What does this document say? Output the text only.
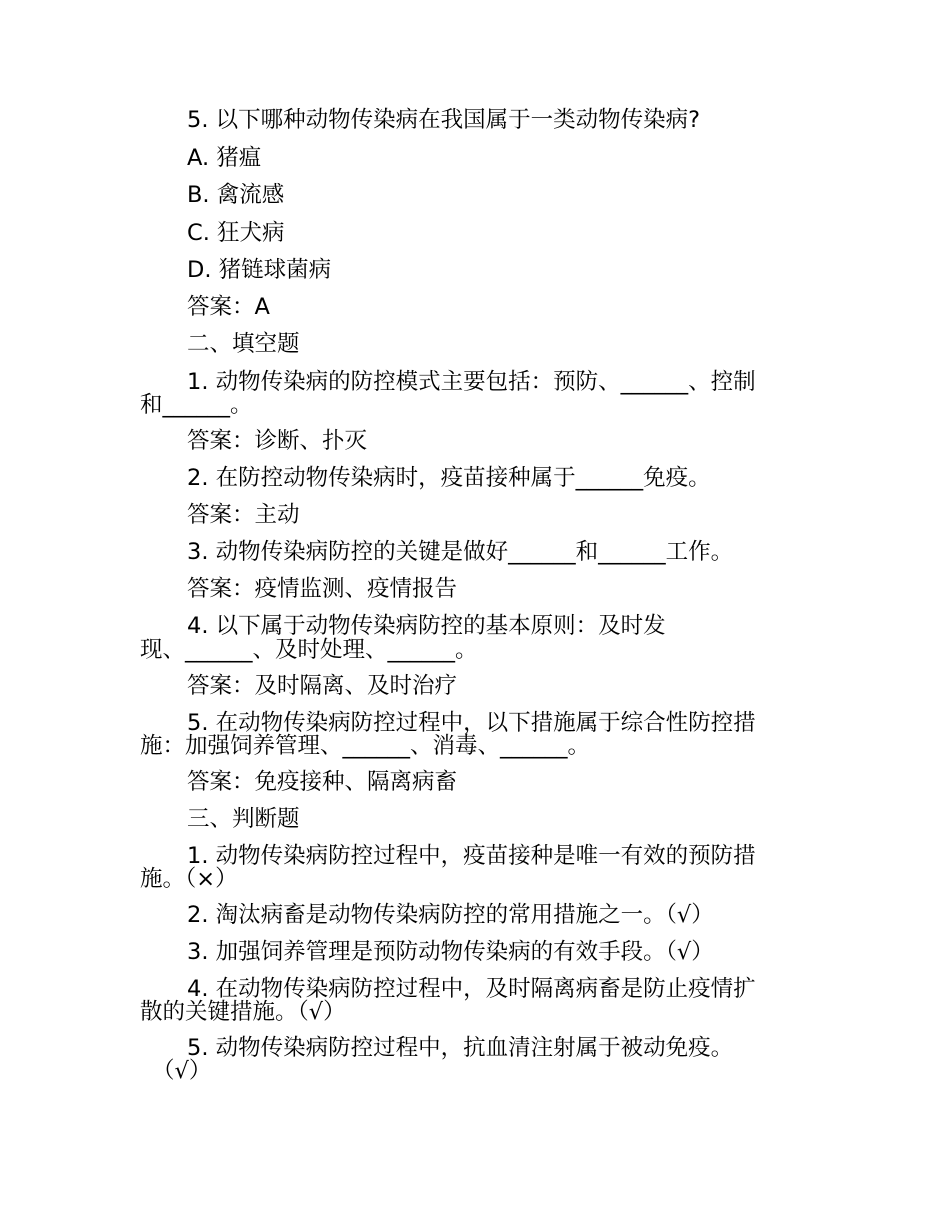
5. 以下哪种动物传染病在我国属于一类动物传染病?
A. 猪瘟
B. 禽流感
C. 狂犬病
D. 猪链球菌病
答案：A
二、填空题
1. 动物传染病的防控模式主要包括：预防、______、控制
和______。
答案：诊断、扑灭
2. 在防控动物传染病时，疫苗接种属于______免疫。
答案：主动
3. 动物传染病防控的关键是做好______和______工作。
答案：疫情监测、疫情报告
4. 以下属于动物传染病防控的基本原则：及时发
现、______、及时处理、______。
答案：及时隔离、及时治疗
5. 在动物传染病防控过程中，以下措施属于综合性防控措
施：加强饲养管理、______、消毒、______。
答案：免疫接种、隔离病畜
三、判断题
1. 动物传染病防控过程中，疫苗接种是唯一有效的预防措
施。（×）
2. 淘汰病畜是动物传染病防控的常用措施之一。（√）
3. 加强饲养管理是预防动物传染病的有效手段。（√）
4. 在动物传染病防控过程中，及时隔离病畜是防止疫情扩
散的关键措施。（√）
5. 动物传染病防控过程中，抗血清注射属于被动免疫。
（√）
